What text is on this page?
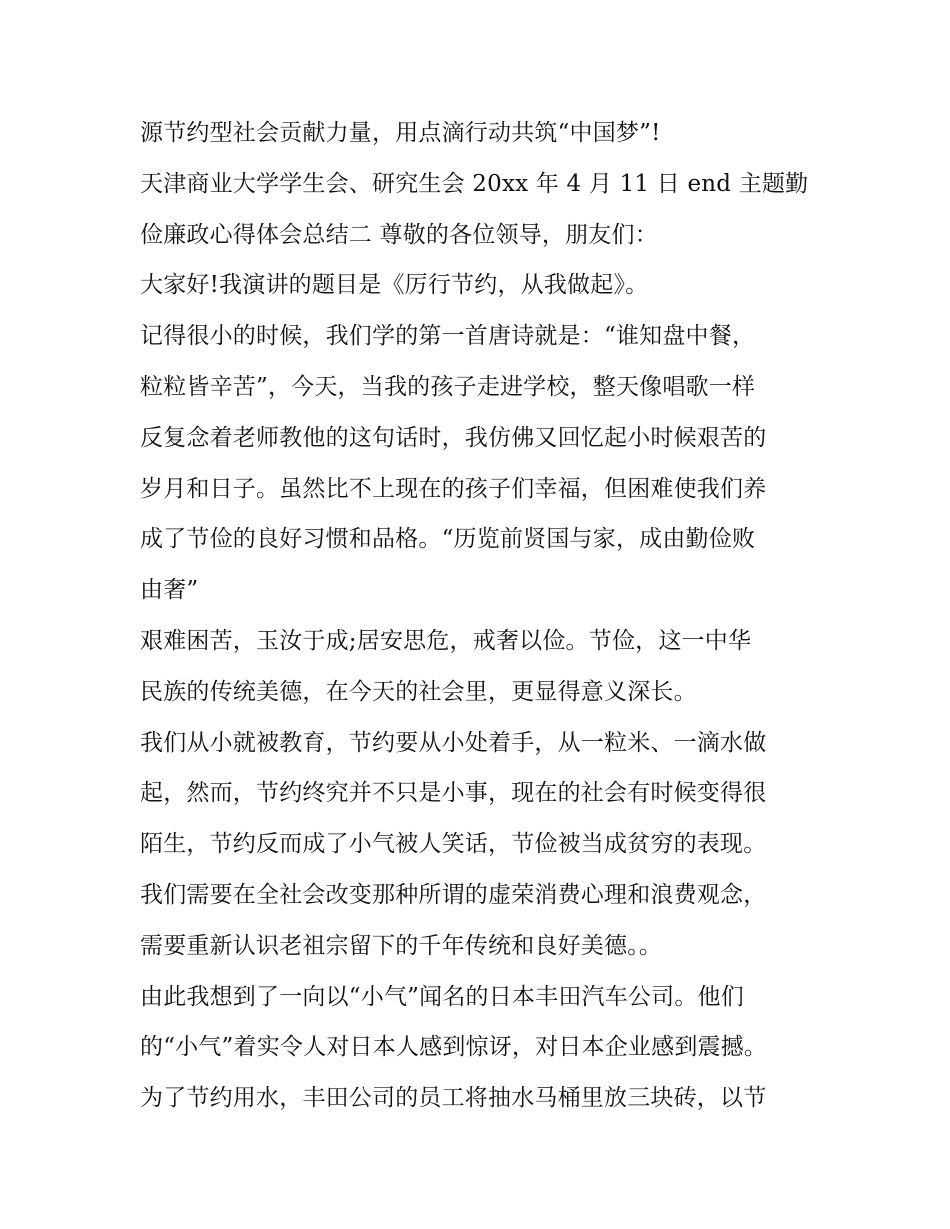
源节约型社会贡献力量，用点滴行动共筑“中国梦”!
天津商业大学学生会、研究生会 20xx 年 4 月 11 日 end 主题勤
俭廉政心得体会总结二 尊敬的各位领导，朋友们：
大家好!我演讲的题目是《厉行节约，从我做起》。
记得很小的时候，我们学的第一首唐诗就是：“谁知盘中餐，
粒粒皆辛苦”，今天，当我的孩子走进学校，整天像唱歌一样
反复念着老师教他的这句话时，我仿佛又回忆起小时候艰苦的
岁月和日子。虽然比不上现在的孩子们幸福，但困难使我们养
成了节俭的良好习惯和品格。“历览前贤国与家，成由勤俭败
由奢”
艰难困苦，玉汝于成;居安思危，戒奢以俭。节俭，这一中华
民族的传统美德，在今天的社会里，更显得意义深长。
我们从小就被教育，节约要从小处着手，从一粒米、一滴水做
起，然而，节约终究并不只是小事，现在的社会有时候变得很
陌生，节约反而成了小气被人笑话，节俭被当成贫穷的表现。
我们需要在全社会改变那种所谓的虚荣消费心理和浪费观念，
需要重新认识老祖宗留下的千年传统和良好美德。。
由此我想到了一向以“小气”闻名的日本丰田汽车公司。他们
的“小气”着实令人对日本人感到惊讶，对日本企业感到震撼。
为了节约用水，丰田公司的员工将抽水马桶里放三块砖，以节
